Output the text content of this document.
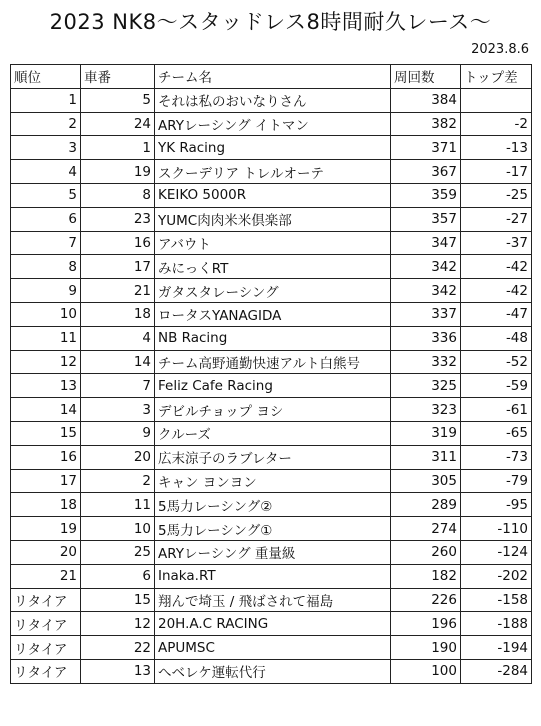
2023 NK8～スタッドレス8時間耐久レース～
2023.8.6
順位	車番	チーム名	周回数	トップ差
1	5	それは私のおいなりさん	384	
2	24	ARYレーシング イトマン	382	-2
3	1	YK Racing	371	-13
4	19	スクーデリア トレルオーテ	367	-17
5	8	KEIKO 5000R	359	-25
6	23	YUMC肉肉米米倶楽部	357	-27
7	16	アバウト	347	-37
8	17	みにっくRT	342	-42
9	21	ガタスタレーシング	342	-42
10	18	ロータスYANAGIDA	337	-47
11	4	NB Racing	336	-48
12	14	チーム高野通勤快速アルト白熊号	332	-52
13	7	Feliz Cafe Racing	325	-59
14	3	デビルチョップ ヨシ	323	-61
15	9	クルーズ	319	-65
16	20	広末涼子のラブレター	311	-73
17	2	キャン ヨンヨン	305	-79
18	11	5馬力レーシング②	289	-95
19	10	5馬力レーシング①	274	-110
20	25	ARYレーシング 重量級	260	-124
21	6	Inaka.RT	182	-202
リタイア	15	翔んで埼玉 / 飛ばされて福島	226	-158
リタイア	12	20H.A.C RACING	196	-188
リタイア	22	APUMSC	190	-194
リタイア	13	へベレケ運転代行	100	-284
